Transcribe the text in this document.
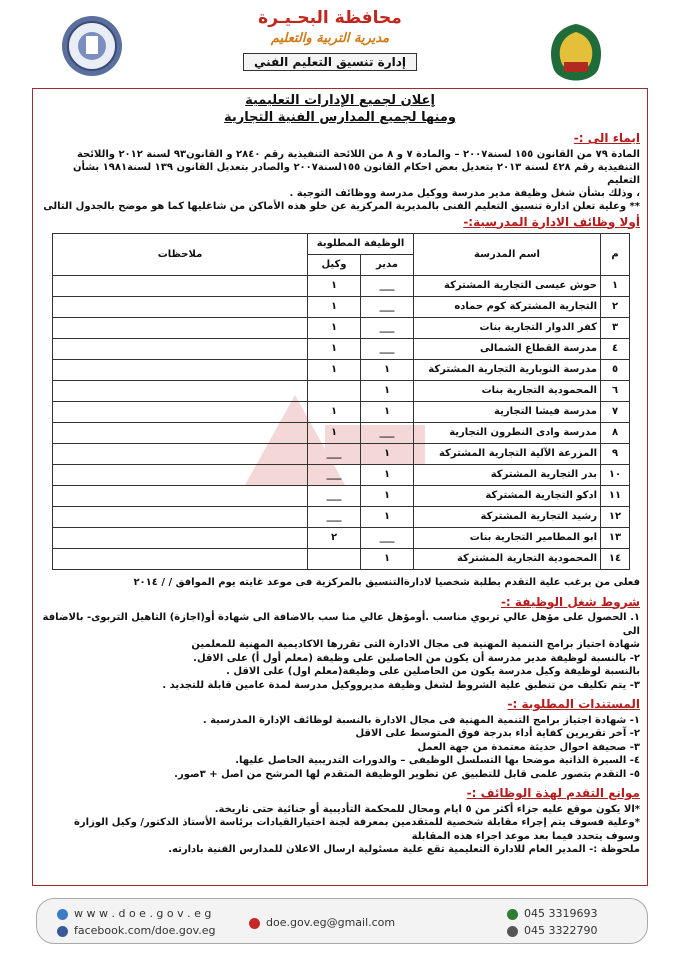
محافظة البحـيـرة
مديرية التربية والتعليم
إدارة تنسيق التعليم الفني
إعلان لجميع الإدارات التعليمية
ومنها لجميع المدارس الفنية التجارية
ايماء الى :-

المادة ٧٩ من القانون ١٥٥ لسنة٢٠٠٧ – والمادة ٧ و ٨ من اللائحة التنفيذية رقم ٢٨٤٠ و القانون٩٣ لسنة ٢٠١٢ واللائحة

التنفيذية رقم ٤٢٨ لسنة ٢٠١٣ بتعديل بعض احكام القانون ١٥٥لسنة٢٠٠٧ والصادر بتعديل القانون ١٣٩ لسنة١٩٨١ بشأن التعليم

، وذلك بشأن شغل وظيفة مدير مدرسة ووكيل مدرسة ووظائف التوجية .

** وعلية تعلن ادارة تنسيق التعليم الفنى بالمديرية المركزية عن خلو هذه الأماكن من شاغليها كما هو موضح بالجدول التالى

أولا وظائف الادارة المدرسية:-
م	اسم المدرسة	الوظيفة المطلوبة		ملاحظات
		مدير	وكيل	
١	حوش عيسى التجارية المشتركة	___	١	
٢	التجارية المشتركة كوم حماده	___	١	
٣	كفر الدوار التجارية بنات	___	١	
٤	مدرسة القطاع الشمالى	___	١	
٥	مدرسة النوبارية التجارية المشتركة	١	١	
٦	المحمودية التجارية بنات	١		
٧	مدرسة فيشا التجارية	١	١	
٨	مدرسة وادى النطرون التجارية	___	١	
٩	المزرعة الآلية التجارية المشتركة	١	___	
١٠	بدر التجارية المشتركة	١	___	
١١	ادكو التجارية المشتركة	١	___	
١٢	رشيد التجارية المشتركة	١	___	
١٣	ابو المطامير التجارية بنات	___	٢	
١٤	المحمودية التجارية المشتركة	١		
فعلى من يرغب علية التقدم بطلبة شخصيا لادارةالتنسيق بالمركزية فى موعد غايته يوم الموافق / / ٢٠١٤
شروط شغل الوظيفة :-

١. الحصول على مؤهل عالي تربوي مناسب .أومؤهل عالي منا سب بالاضافة الى شهادة أو(اجازة) التاهيل التربوى- بالاضافة الى

شهادة اجتياز برامج التنمية المهنية فى مجال الادارة التى تقررها الاكاديمية المهنية للمعلمين

٢- بالنسبة لوظيفة مدير مدرسة أن يكون من الحاصلين على وظيفة (معلم أول أ) على الاقل.

بالنسبة لوظيفة وكيل مدرسة يكون من الحاصلين على وظيفة(معلم اول) على الاقل .

٣- يتم تكليف من تنطبق علية الشروط لشغل وظيفة مديرووكيل مدرسة لمدة عامين قابلة للتجديد .

المستندات المطلوبة :-

١- شهادة اجتياز برامج التنمية المهنية فى مجال الادارة بالنسبة لوظائف الإدارة المدرسية .

٢- آخر تقريرين كفاية أداء بدرجة فوق المتوسط على الاقل

٣- صحيفة احوال حديثة معتمدة من جهة العمل

٤- السيرة الذاتية موضحا بها التسلسل الوظيفى – والدورات التدريبية الحاصل عليها.

٥- التقدم بتصور علمى قابل للتطبيق عن تطوير الوظيفة المتقدم لها المرشح من اصل + ٣صور.

موانع التقدم لهذة الوظائف :-

*الا يكون موقع عليه جزاء أكثر من ٥ ايام ومحال للمحكمة التأديبية أو جنائية حتى تاريخة.

*وعلية فسوف يتم إجراء مقابلة شخصية للمتقدمين بمعرفة لجنة اختيارالقيادات برئاسة الأستاذ الدكتور/ وكيل الوزارة

وسوف يتحدد فيما بعد موعد اجراء هذه المقابلة

ملحوظة :- المدير العام للادارة التعليمية تقع علية مسئولية ارسال الاعلان للمدارس الفنية بادارته.

w w w . d o e . g o v . e g
facebook.com/doe.gov.eg
doe.gov.eg@gmail.com
045 3319693
045 3322790
